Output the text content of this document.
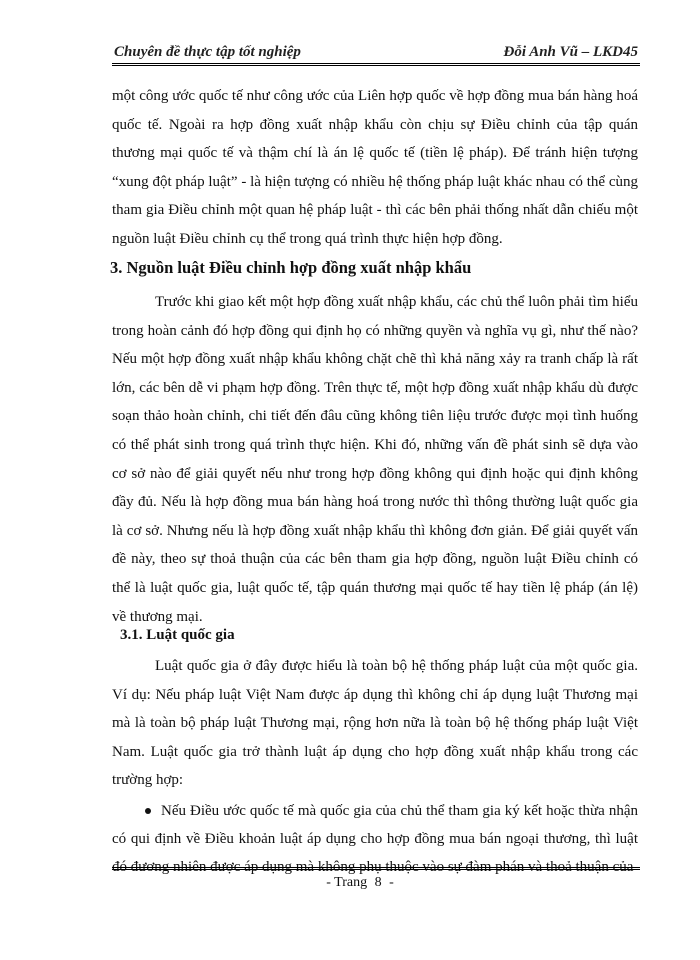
Chuyên đề thực tập tốt nghiệp	Đỗi Anh Vũ – LKD45

một công ước quốc tế như công ước của Liên hợp quốc về hợp đồng mua bán hàng hoá quốc tế. Ngoài ra hợp đồng xuất nhập khẩu còn chịu sự Điều chỉnh của tập quán thương mại quốc tế và thậm chí là án lệ quốc tế (tiền lệ pháp). Để tránh hiện tượng “xung đột pháp luật” - là hiện tượng có nhiều hệ thống pháp luật khác nhau có thể cùng tham gia Điều chỉnh một quan hệ pháp luật - thì các bên phải thống nhất dẫn chiếu một nguồn luật Điều chỉnh cụ thể trong quá trình thực hiện hợp đồng.

3. Nguồn luật Điều chỉnh hợp đồng xuất nhập khẩu

Trước khi giao kết một hợp đồng xuất nhập khẩu, các chủ thể luôn phải tìm hiểu trong hoàn cảnh đó hợp đồng qui định họ có những quyền và nghĩa vụ gì, như thế nào? Nếu một hợp đồng xuất nhập khẩu không chặt chẽ thì khả năng xảy ra tranh chấp là rất lớn, các bên dễ vi phạm hợp đồng. Trên thực tế, một hợp đồng xuất nhập khẩu dù được soạn thảo hoàn chỉnh, chi tiết đến đâu cũng không tiên liệu trước được mọi tình huống có thể phát sinh trong quá trình thực hiện. Khi đó, những vấn đề phát sinh sẽ dựa vào cơ sở nào để giải quyết nếu như trong hợp đồng không qui định hoặc qui định không đầy đủ. Nếu là hợp đồng mua bán hàng hoá trong nước thì thông thường luật quốc gia là cơ sở. Nhưng nếu là hợp đồng xuất nhập khẩu thì không đơn giản. Để giải quyết vấn đề này, theo sự thoả thuận của các bên tham gia hợp đồng, nguồn luật Điều chỉnh có thể là luật quốc gia, luật quốc tế, tập quán thương mại quốc tế hay tiền lệ pháp (án lệ) về thương mại.

3.1. Luật quốc gia

Luật quốc gia ở đây được hiểu là toàn bộ hệ thống pháp luật của một quốc gia. Ví dụ: Nếu pháp luật Việt Nam được áp dụng thì không chỉ áp dụng luật Thương mại mà là toàn bộ pháp luật Thương mại, rộng hơn nữa là toàn bộ hệ thống pháp luật Việt Nam. Luật quốc gia trở thành luật áp dụng cho hợp đồng xuất nhập khẩu trong các trường hợp:

Nếu Điều ước quốc tế mà quốc gia của chủ thể tham gia ký kết hoặc thừa nhận có qui định về Điều khoản luật áp dụng cho hợp đồng mua bán ngoại thương, thì luật đó đương nhiên được áp dụng mà không phụ thuộc vào sự đàm phán và thoả thuận của

- Trang 8 -
